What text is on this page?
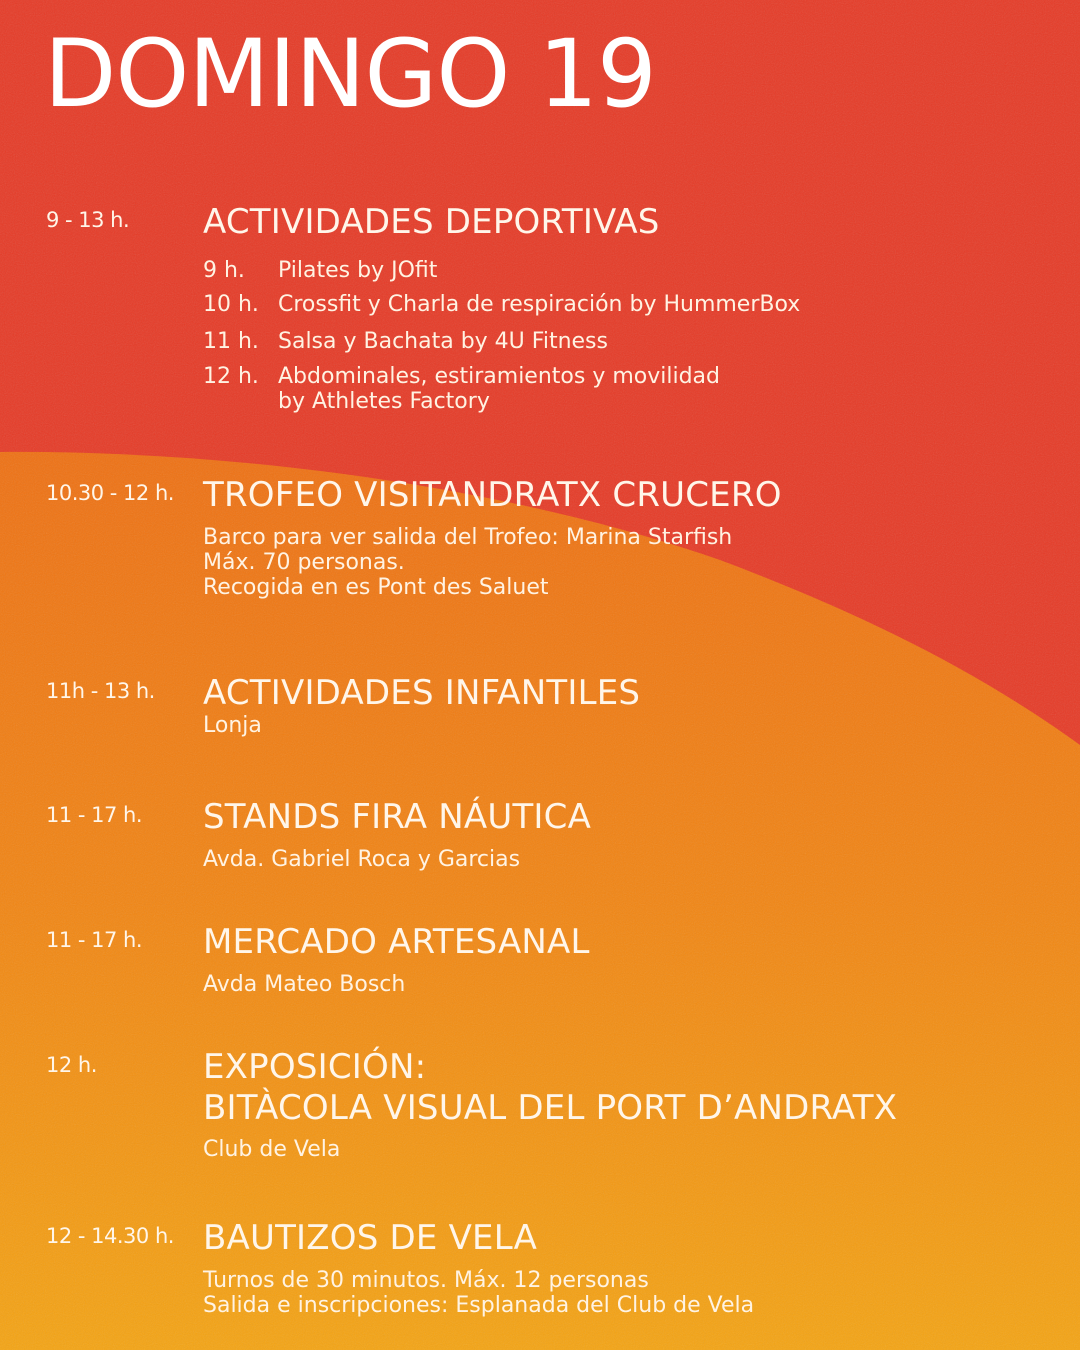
DOMINGO 19
9 - 13 h. ACTIVIDADES DEPORTIVAS
9 h. Pilates by JOfit
10 h. Crossfit y Charla de respiración by HummerBox
11 h. Salsa y Bachata by 4U Fitness
12 h. Abdominales, estiramientos y movilidad
by Athletes Factory
10.30 - 12 h. TROFEO VISITANDRATX CRUCERO
Barco para ver salida del Trofeo: Marina Starfish
Máx. 70 personas.
Recogida en es Pont des Saluet
11h - 13 h. ACTIVIDADES INFANTILES
Lonja
11 - 17 h. STANDS FIRA NÁUTICA
Avda. Gabriel Roca y Garcias
11 - 17 h. MERCADO ARTESANAL
Avda Mateo Bosch
12 h.	EXPOSICIÓN:
BITÀCOLA VISUAL DEL PORT D’ANDRATX
Club de Vela
12 - 14.30 h. BAUTIZOS DE VELA
Turnos de 30 minutos. Máx. 12 personas
Salida e inscripciones: Esplanada del Club de Vela
